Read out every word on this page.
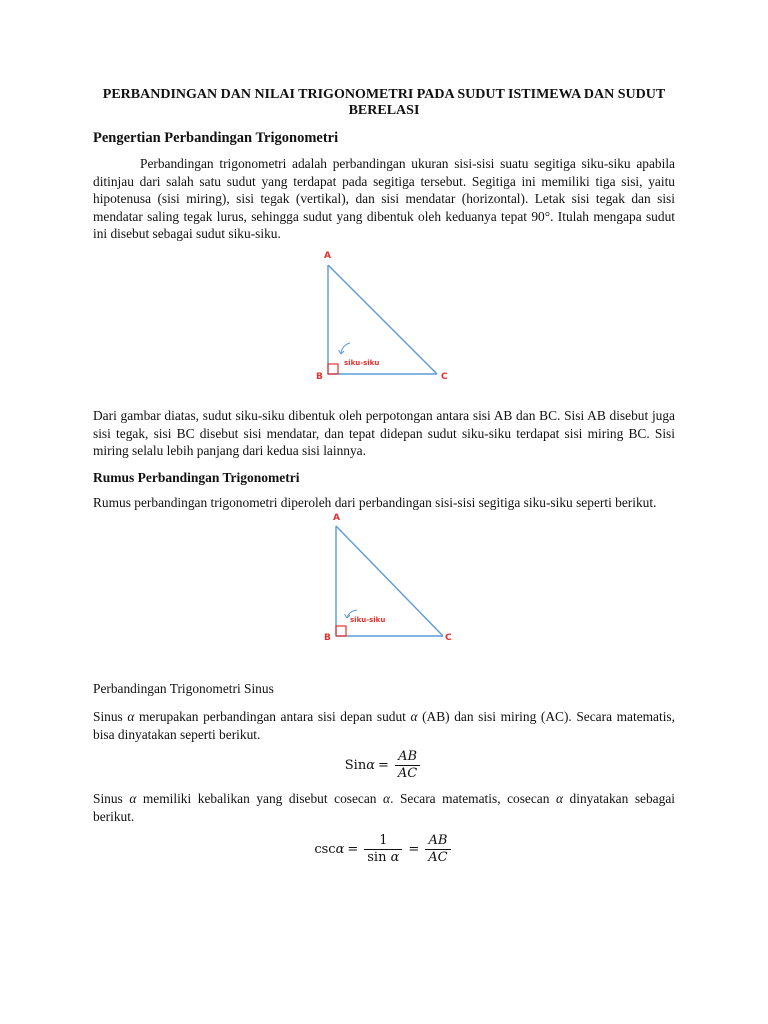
PERBANDINGAN DAN NILAI TRIGONOMETRI PADA SUDUT ISTIMEWA DAN SUDUT BERELASI
Pengertian Perbandingan Trigonometri

Perbandingan trigonometri adalah perbandingan ukuran sisi-sisi suatu segitiga siku-siku apabila ditinjau dari salah satu sudut yang terdapat pada segitiga tersebut. Segitiga ini memiliki tiga sisi, yaitu hipotenusa (sisi miring), sisi tegak (vertikal), dan sisi mendatar (horizontal). Letak sisi tegak dan sisi mendatar saling tegak lurus, sehingga sudut yang dibentuk oleh keduanya tepat 90°. Itulah mengapa sudut ini disebut sebagai sudut siku-siku.

A
B	C
siku-siku

Dari gambar diatas, sudut siku-siku dibentuk oleh perpotongan antara sisi AB dan BC. Sisi AB disebut juga sisi tegak, sisi BC disebut sisi mendatar, dan tepat didepan sudut siku-siku terdapat sisi miring BC. Sisi miring selalu lebih panjang dari kedua sisi lainnya.

Rumus Perbandingan Trigonometri

Rumus perbandingan trigonometri diperoleh dari perbandingan sisi-sisi segitiga siku-siku seperti berikut.

A
B	C
siku-siku

Perbandingan Trigonometri Sinus

Sinus α merupakan perbandingan antara sisi depan sudut α (AB) dan sisi miring (AC). Secara matematis, bisa dinyatakan seperti berikut.

Sin $\alpha = \frac{AB}{AC}$

Sinus α memiliki kebalikan yang disebut cosecan α. Secara matematis, cosecan α dinyatakan sebagai berikut.

$\csc \alpha = \frac{1}{\text{sin α}} = \frac{AB}{AC}$
